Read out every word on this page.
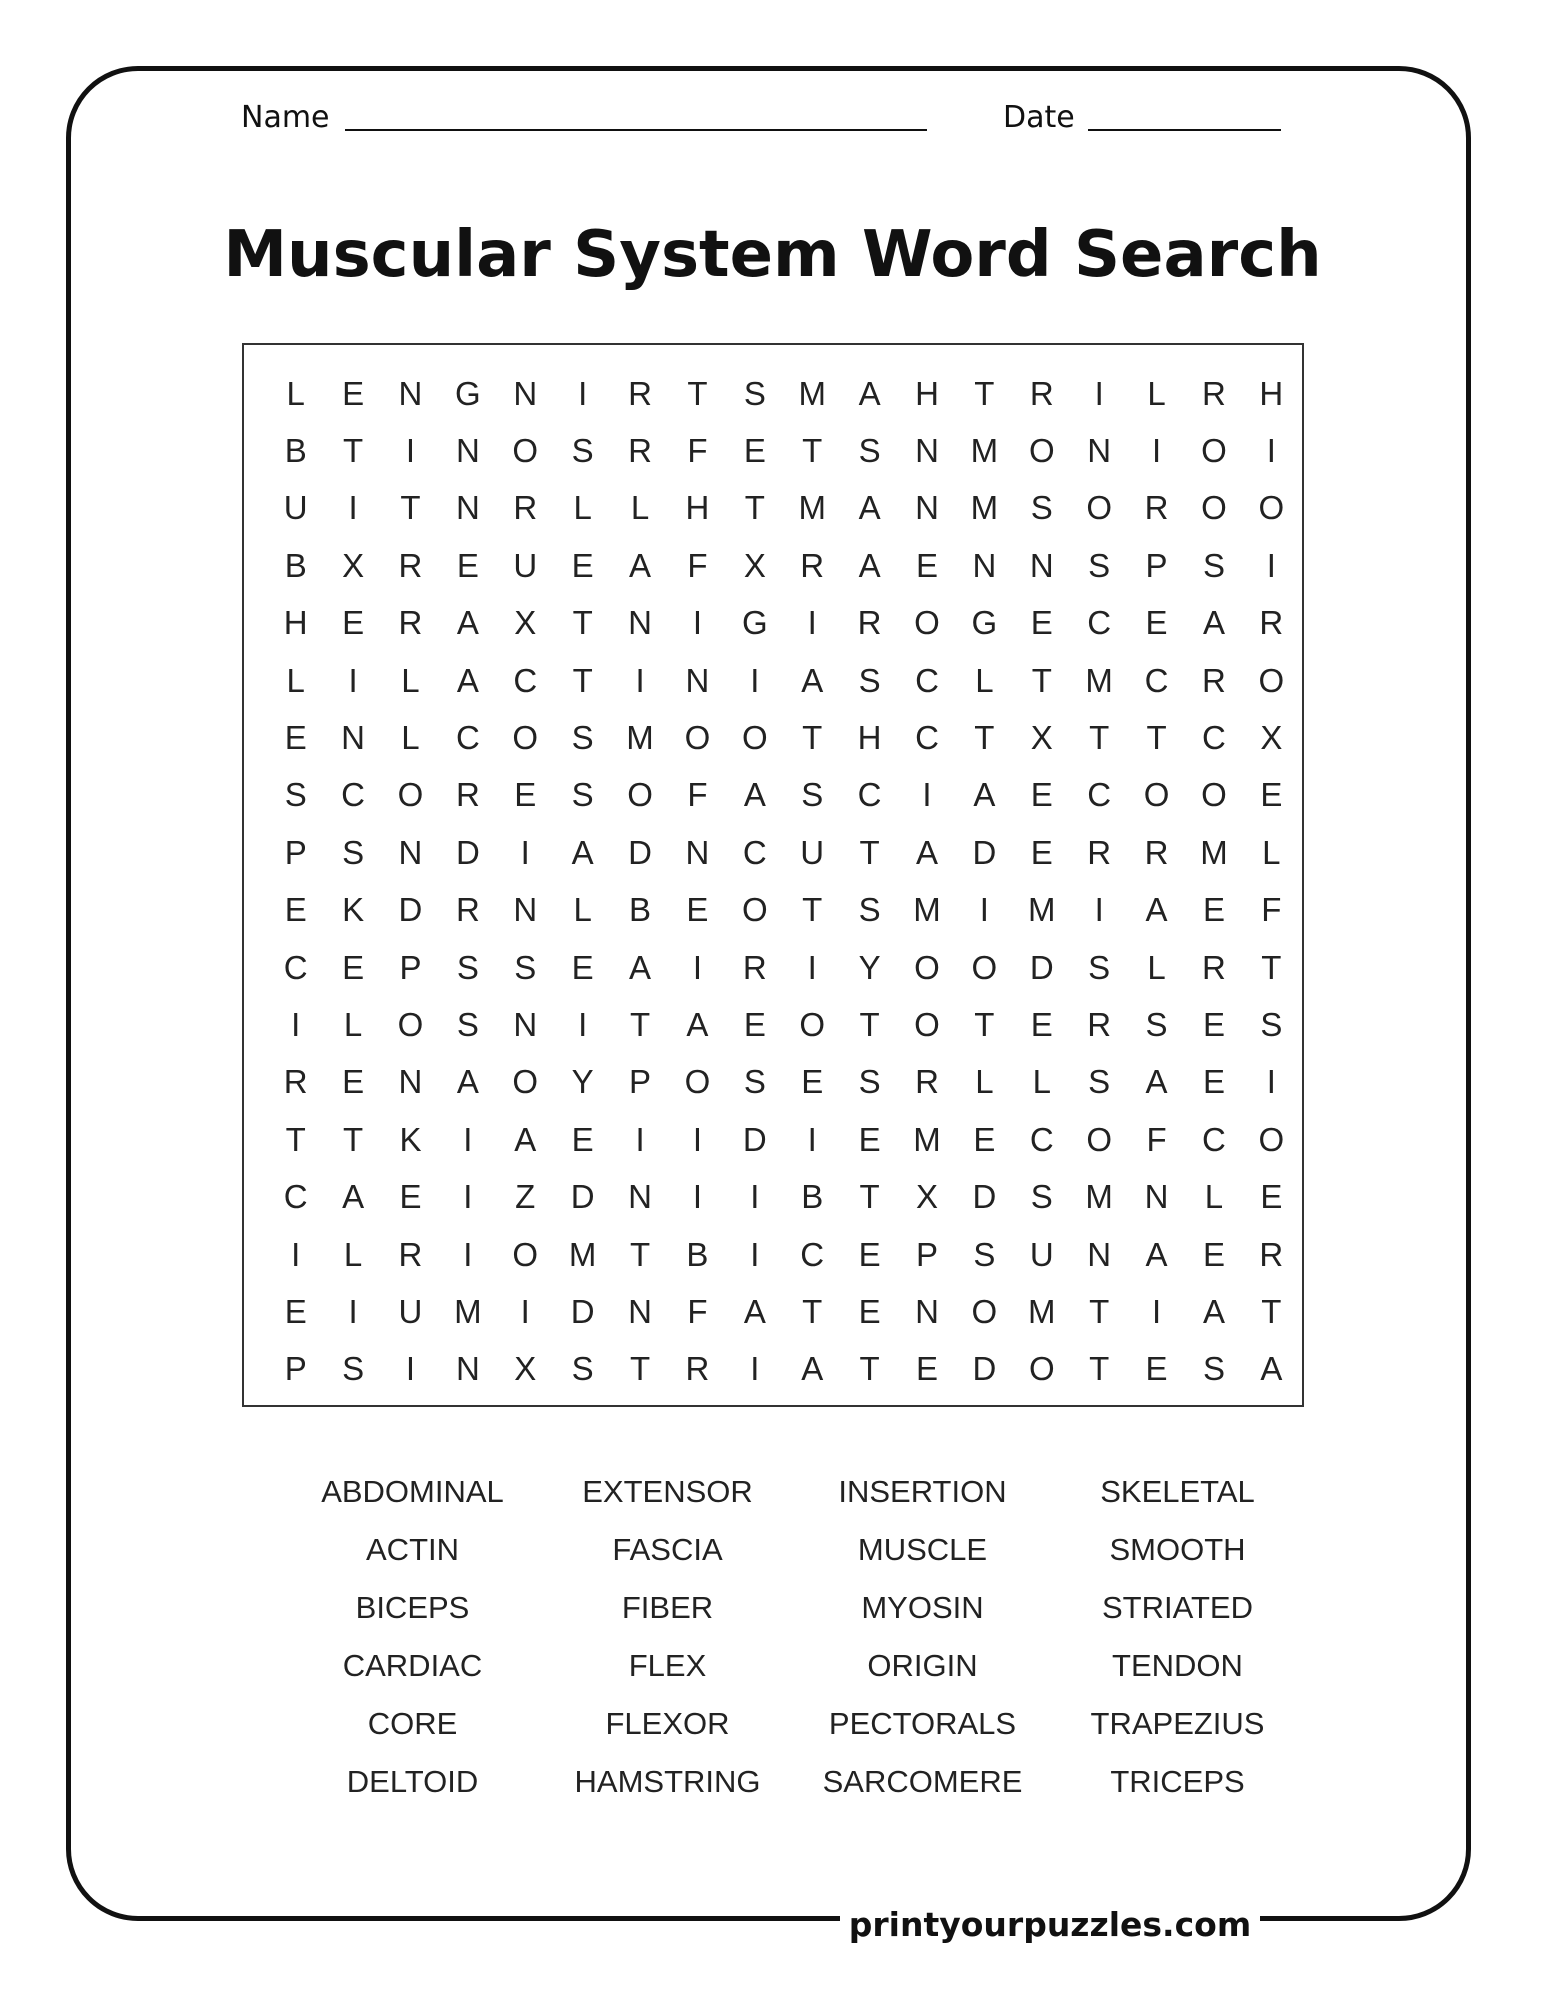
printyourpuzzles.com
Name	Date
Muscular System Word Search
L	E	N G N	I	R	T	S M A	H	T	R	I	L	R	H
B	T	I	N O	S	R	F	E	T	S	N M O N	I	O	I
U	I	T	N	R	L	L	H	T	M A	N M S	O R O O
B	X	R	E	U	E	A	F	X	R	A	E	N	N	S	P	S	I
H	E	R	A	X	T	N	I	G	I	R O G	E	C	E	A	R
L	I	L	A	C	T	I	N	I	A	S	C	L	T	M C	R O
E	N	L	C O	S M O O	T	H	C	T	X	T	T	C	X
S	C O R	E	S	O	F	A	S	C	I	A	E	C O O	E
P	S	N	D	I	A	D	N	C	U	T	A	D	E	R	R M	L
E	K	D	R	N	L	B	E	O	T	S M	I	M	I	A	E	F
C	E	P	S	S	E	A	I	R	I	Y	O O D	S	L	R	T
I	L	O	S	N	I	T	A	E	O	T	O	T	E	R	S	E	S
R	E	N	A	O	Y	P	O	S	E	S	R	L	L	S	A	E	I
T	T	K	I	A	E	I	I	D	I	E M E	C O	F	C O
C	A	E	I	Z	D	N	I	I	B	T	X	D	S M N	L	E
I	L	R	I	O M	T	B	I	C	E	P	S	U	N	A	E	R
E	I	U M	I	D	N	F	A	T	E	N O M	T	I	A	T
P	S	I	N	X	S	T	R	I	A	T	E	D O	T	E	S	A
ABDOMINAL	EXTENSOR	INSERTION	SKELETAL
ACTIN	FASCIA	MUSCLE	SMOOTH
BICEPS	FIBER	MYOSIN	STRIATED
CARDIAC	FLEX	ORIGIN	TENDON
CORE	FLEXOR	PECTORALS	TRAPEZIUS
DELTOID	HAMSTRING	SARCOMERE	TRICEPS
